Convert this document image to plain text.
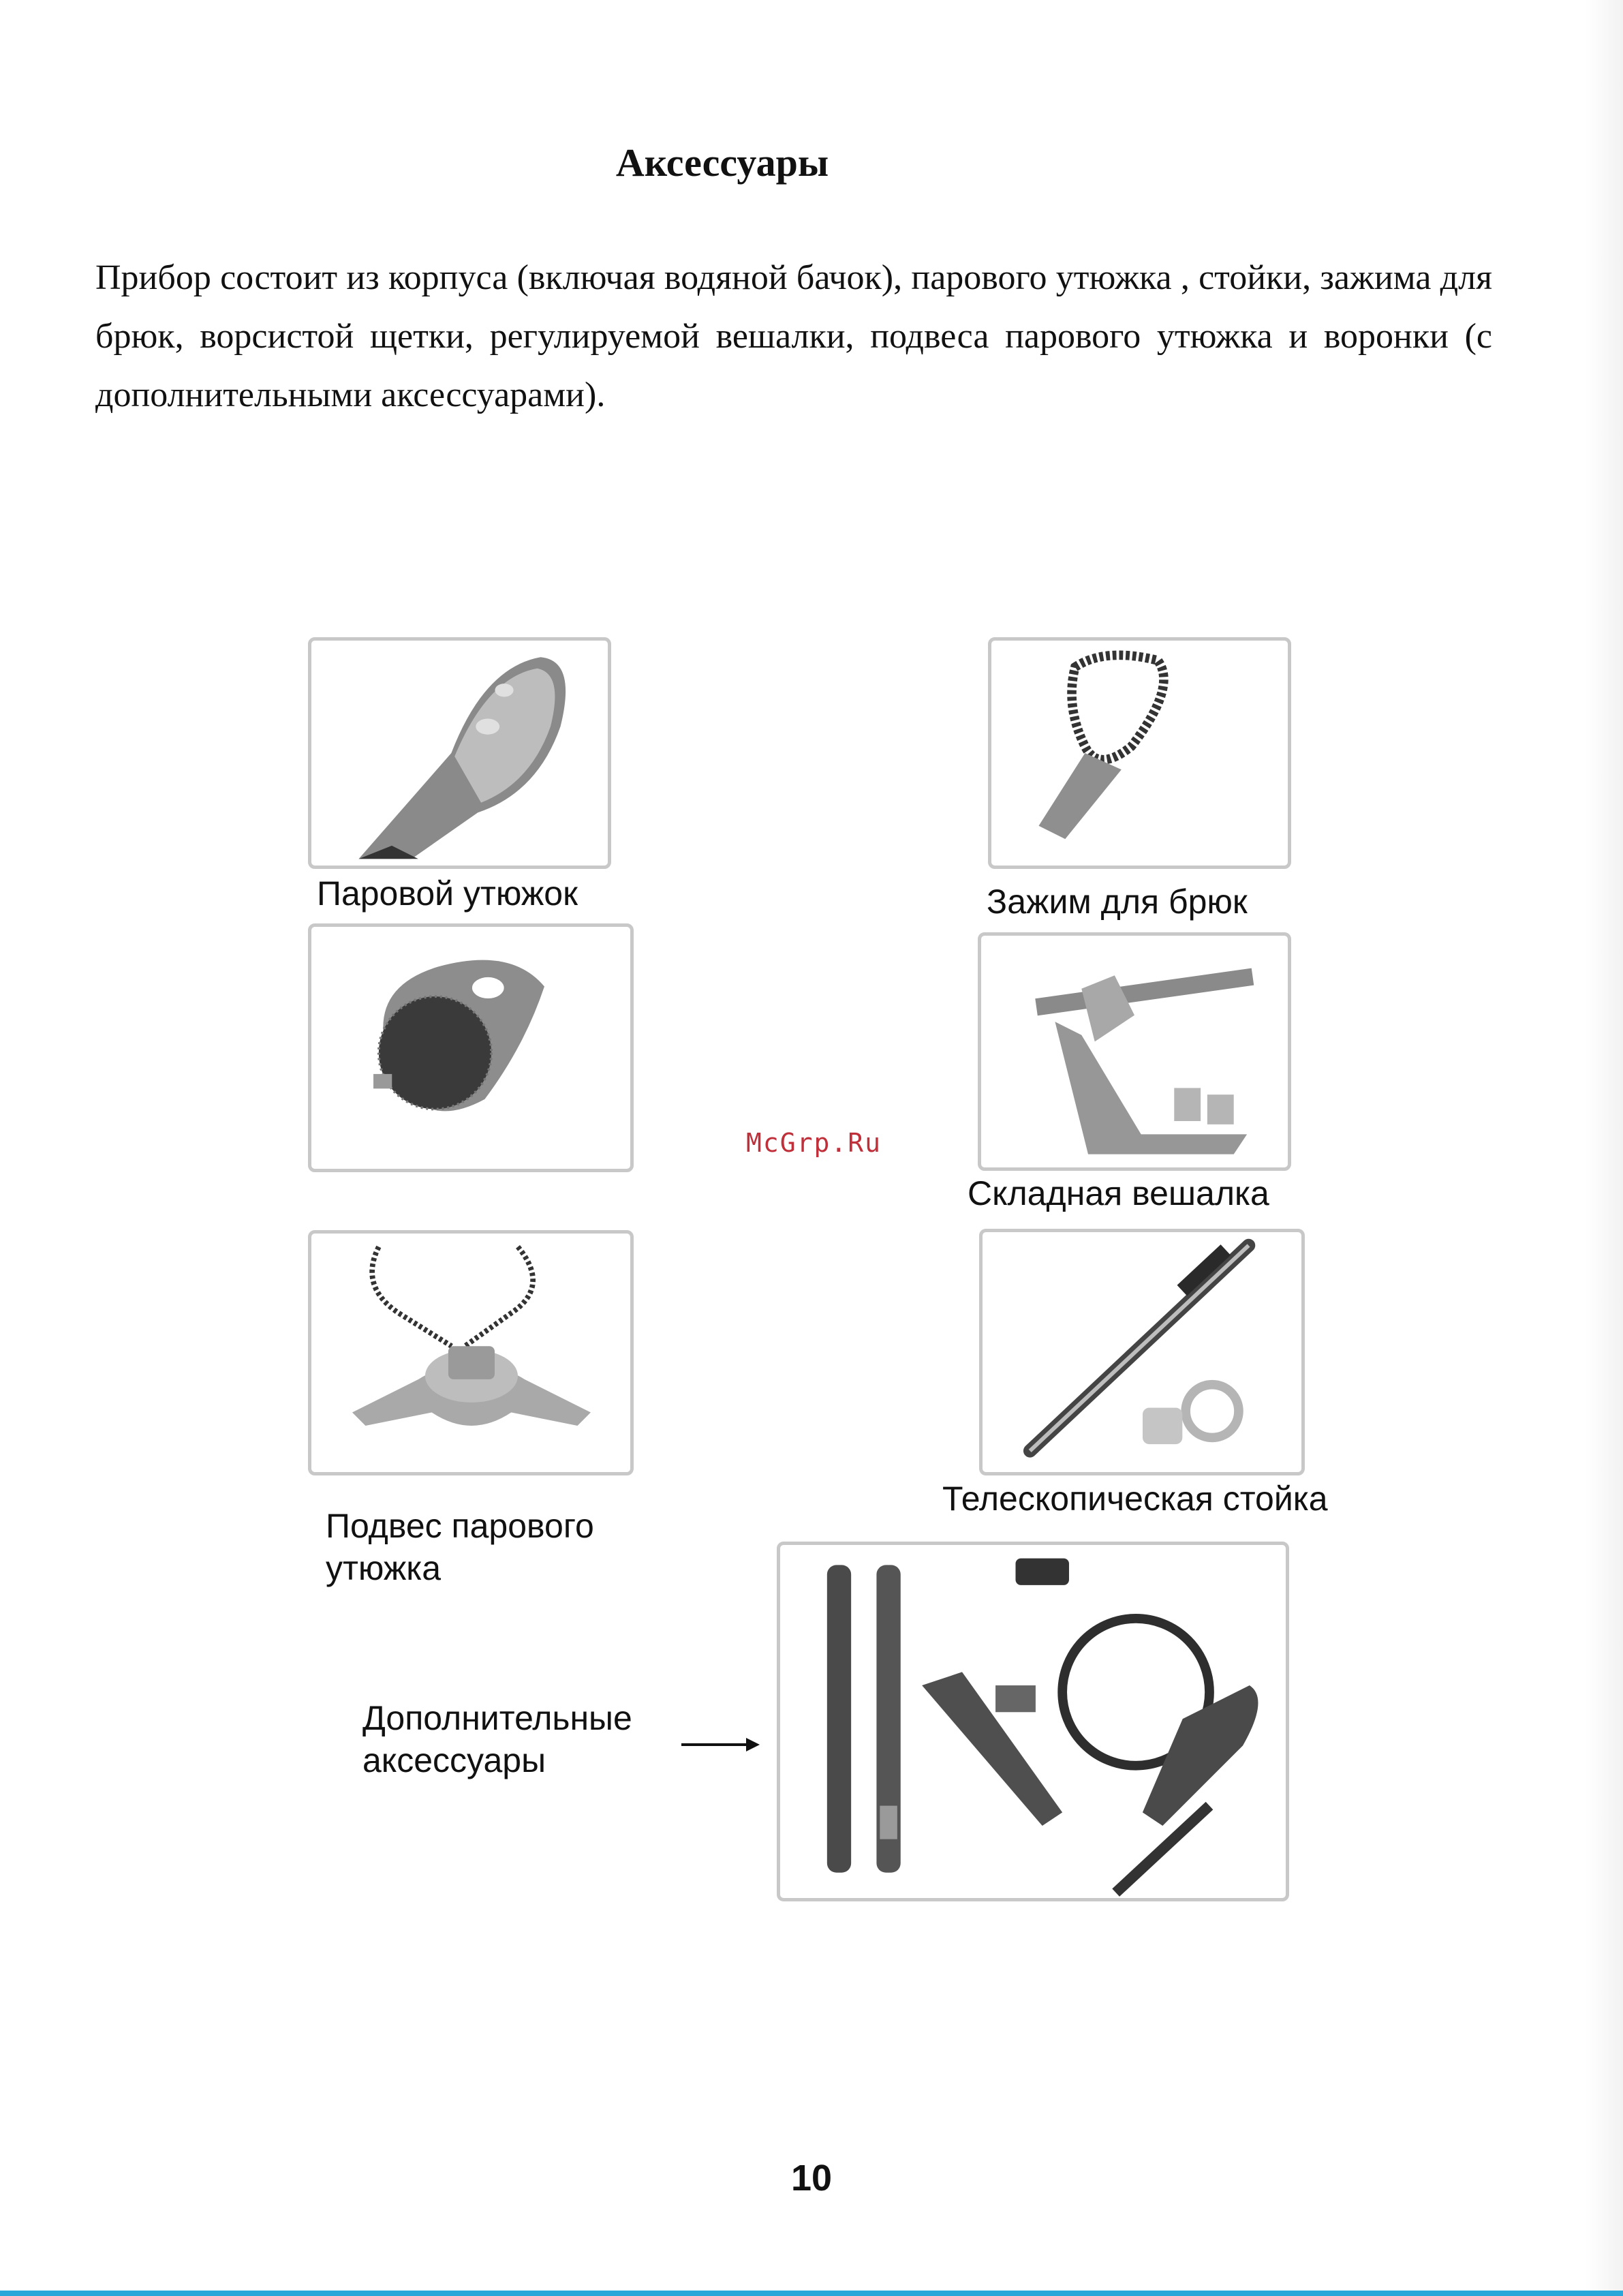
Аксессуары
Прибор состоит из корпуса (включая водяной бачок), парового утюжка , стойки, зажима для брюк, ворсистой щетки, регулируемой вешалки, подвеса парового утюжка и воронки (с дополнительными аксессуарами).
Паровой утюжок	Зажим для брюк
Складная вешалка
Подвес парового
утюжка
Телескопическая стойка
Дополнительные
аксессуары
McGrp.Ru
10
